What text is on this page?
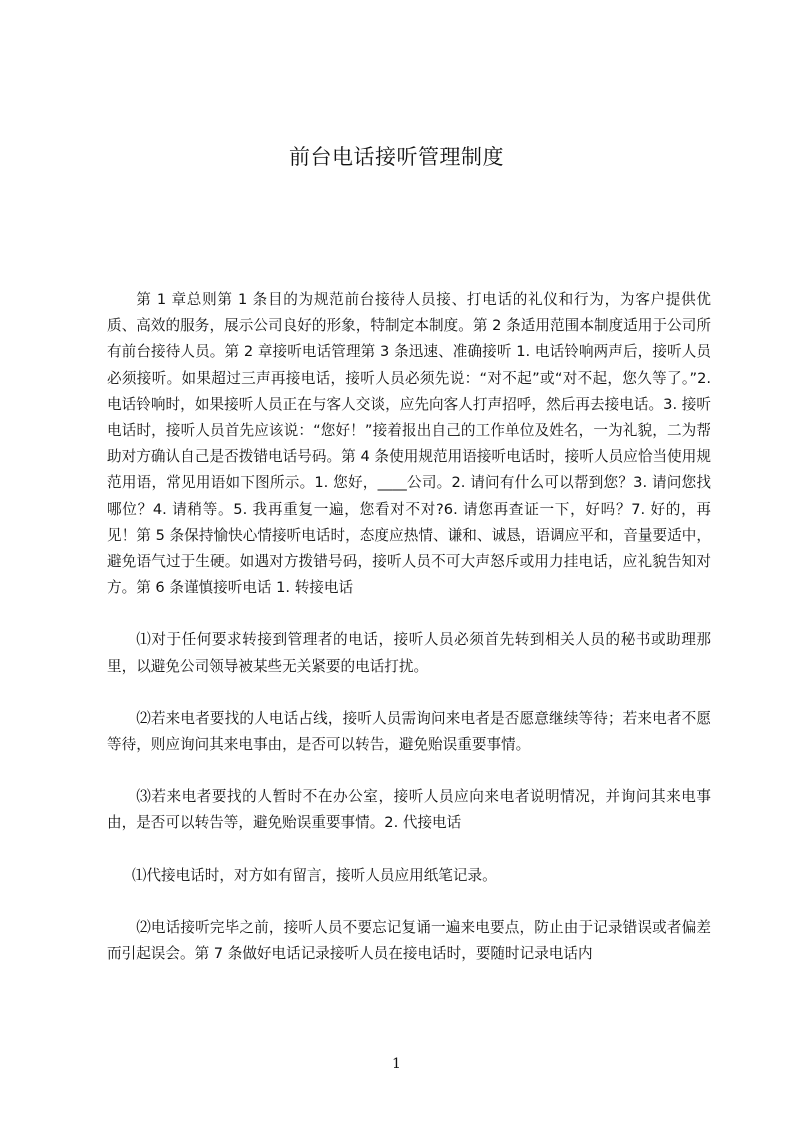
前台电话接听管理制度

第 1 章总则第 1 条目的为规范前台接待人员接、打电话的礼仪和行为，为客户提供优质、高效的服务，展示公司良好的形象，特制定本制度。第 2 条适用范围本制度适用于公司所有前台接待人员。第 2 章接听电话管理第 3 条迅速、准确接听 1. 电话铃响两声后，接听人员必须接听。如果超过三声再接电话，接听人员必须先说：“对不起”或“对不起，您久等了。”2. 电话铃响时，如果接听人员正在与客人交谈，应先向客人打声招呼，然后再去接电话。3. 接听电话时，接听人员首先应该说：“您好！”接着报出自己的工作单位及姓名，一为礼貌，二为帮助对方确认自己是否拨错电话号码。第 4 条使用规范用语接听电话时，接听人员应恰当使用规范用语，常见用语如下图所示。1. 您好，____公司。2. 请问有什么可以帮到您？3. 请问您找哪位？4. 请稍等。5. 我再重复一遍，您看对不对?6. 请您再查证一下，好吗？7. 好的，再见！第 5 条保持愉快心情接听电话时，态度应热情、谦和、诚恳，语调应平和，音量要适中，避免语气过于生硬。如遇对方拨错号码，接听人员不可大声怒斥或用力挂电话，应礼貌告知对方。第 6 条谨慎接听电话 1. 转接电话

⑴对于任何要求转接到管理者的电话，接听人员必须首先转到相关人员的秘书或助理那里，以避免公司领导被某些无关紧要的电话打扰。

⑵若来电者要找的人电话占线，接听人员需询问来电者是否愿意继续等待；若来电者不愿等待，则应询问其来电事由，是否可以转告，避免贻误重要事情。

⑶若来电者要找的人暂时不在办公室，接听人员应向来电者说明情况，并询问其来电事由，是否可以转告等，避免贻误重要事情。2. 代接电话

⑴代接电话时，对方如有留言，接听人员应用纸笔记录。

⑵电话接听完毕之前，接听人员不要忘记复诵一遍来电要点，防止由于记录错误或者偏差而引起误会。第 7 条做好电话记录接听人员在接电话时，要随时记录电话内

1
